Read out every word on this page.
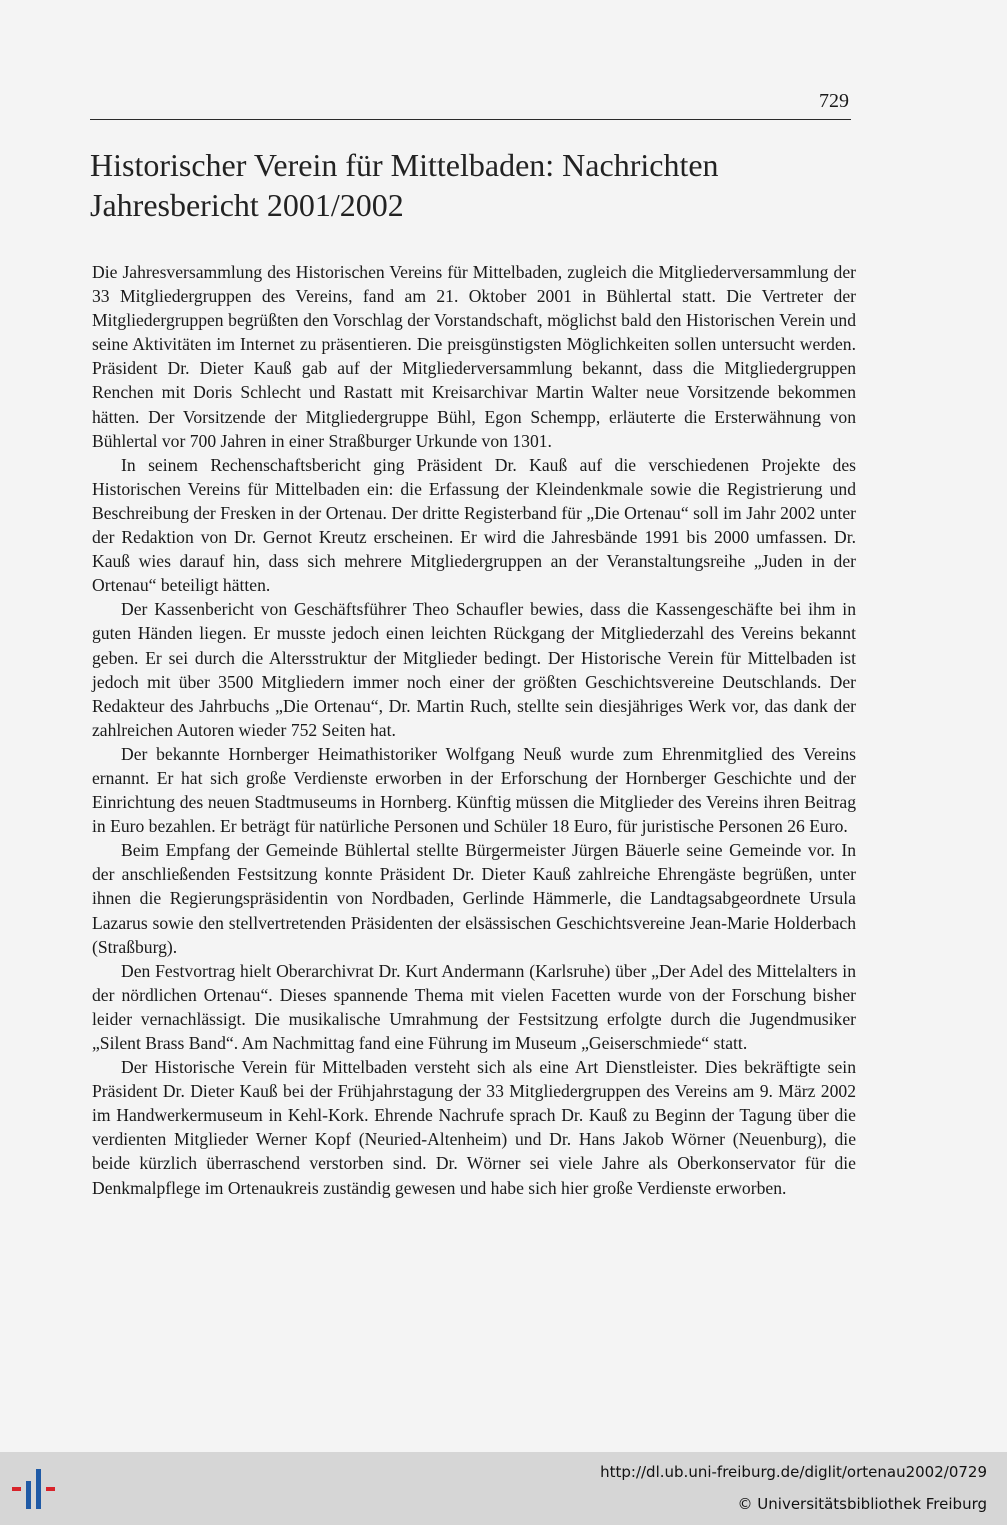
729
Historischer Verein für Mittelbaden: Nachrichten
Jahresbericht 2001/2002

Die Jahresversammlung des Historischen Vereins für Mittelbaden, zugleich die Mitgliederversammlung der 33 Mitgliedergruppen des Vereins, fand am 21. Oktober 2001 in Bühlertal statt. Die Vertreter der Mitgliedergruppen begrüßten den Vorschlag der Vorstandschaft, möglichst bald den Historischen Verein und seine Aktivitäten im Internet zu präsentieren. Die preisgünstigsten Möglichkeiten sollen untersucht werden. Präsident Dr. Dieter Kauß gab auf der Mitgliederversammlung bekannt, dass die Mitgliedergruppen Renchen mit Doris Schlecht und Rastatt mit Kreisarchivar Martin Walter neue Vorsitzende bekommen hätten. Der Vorsitzende der Mitgliedergruppe Bühl, Egon Schempp, erläuterte die Ersterwähnung von Bühlertal vor 700 Jahren in einer Straßburger Urkunde von 1301.

In seinem Rechenschaftsbericht ging Präsident Dr. Kauß auf die verschiedenen Projekte des Historischen Vereins für Mittelbaden ein: die Erfassung der Kleindenkmale sowie die Registrierung und Beschreibung der Fresken in der Ortenau. Der dritte Registerband für „Die Ortenau“ soll im Jahr 2002 unter der Redaktion von Dr. Gernot Kreutz erscheinen. Er wird die Jahresbände 1991 bis 2000 umfassen. Dr. Kauß wies darauf hin, dass sich mehrere Mitgliedergruppen an der Veranstaltungsreihe „Juden in der Ortenau“ beteiligt hätten.

Der Kassenbericht von Geschäftsführer Theo Schaufler bewies, dass die Kassengeschäfte bei ihm in guten Händen liegen. Er musste jedoch einen leichten Rückgang der Mitgliederzahl des Vereins bekannt geben. Er sei durch die Altersstruktur der Mitglieder bedingt. Der Historische Verein für Mittelbaden ist jedoch mit über 3500 Mitgliedern immer noch einer der größten Geschichtsvereine Deutschlands. Der Redakteur des Jahrbuchs „Die Ortenau“, Dr. Martin Ruch, stellte sein diesjähriges Werk vor, das dank der zahlreichen Autoren wieder 752 Seiten hat.

Der bekannte Hornberger Heimathistoriker Wolfgang Neuß wurde zum Ehrenmitglied des Vereins ernannt. Er hat sich große Verdienste erworben in der Erforschung der Hornberger Geschichte und der Einrichtung des neuen Stadtmuseums in Hornberg. Künftig müssen die Mitglieder des Vereins ihren Beitrag in Euro bezahlen. Er beträgt für natürliche Personen und Schüler 18 Euro, für juristische Personen 26 Euro.

Beim Empfang der Gemeinde Bühlertal stellte Bürgermeister Jürgen Bäuerle seine Gemeinde vor. In der anschließenden Festsitzung konnte Präsident Dr. Dieter Kauß zahlreiche Ehrengäste begrüßen, unter ihnen die Regierungspräsidentin von Nordbaden, Gerlinde Hämmerle, die Landtagsabgeordnete Ursula Lazarus sowie den stellvertretenden Präsidenten der elsässischen Geschichtsvereine Jean-Marie Holderbach (Straßburg).

Den Festvortrag hielt Oberarchivrat Dr. Kurt Andermann (Karlsruhe) über „Der Adel des Mittelalters in der nördlichen Ortenau“. Dieses spannende Thema mit vielen Facetten wurde von der Forschung bisher leider vernachlässigt. Die musikalische Umrahmung der Festsitzung erfolgte durch die Jugendmusiker „Silent Brass Band“. Am Nachmittag fand eine Führung im Museum „Geiserschmiede“ statt.

Der Historische Verein für Mittelbaden versteht sich als eine Art Dienstleister. Dies bekräftigte sein Präsident Dr. Dieter Kauß bei der Frühjahrstagung der 33 Mitgliedergruppen des Vereins am 9. März 2002 im Handwerkermuseum in Kehl-Kork. Ehrende Nachrufe sprach Dr. Kauß zu Beginn der Tagung über die verdienten Mitglieder Werner Kopf (Neuried-Altenheim) und Dr. Hans Jakob Wörner (Neuenburg), die beide kürzlich überraschend verstorben sind. Dr. Wörner sei viele Jahre als Oberkonservator für die Denkmalpflege im Ortenaukreis zuständig gewesen und habe sich hier große Verdienste erworben.

http://dl.ub.uni-freiburg.de/diglit/ortenau2002/0729
© Universitätsbibliothek Freiburg
